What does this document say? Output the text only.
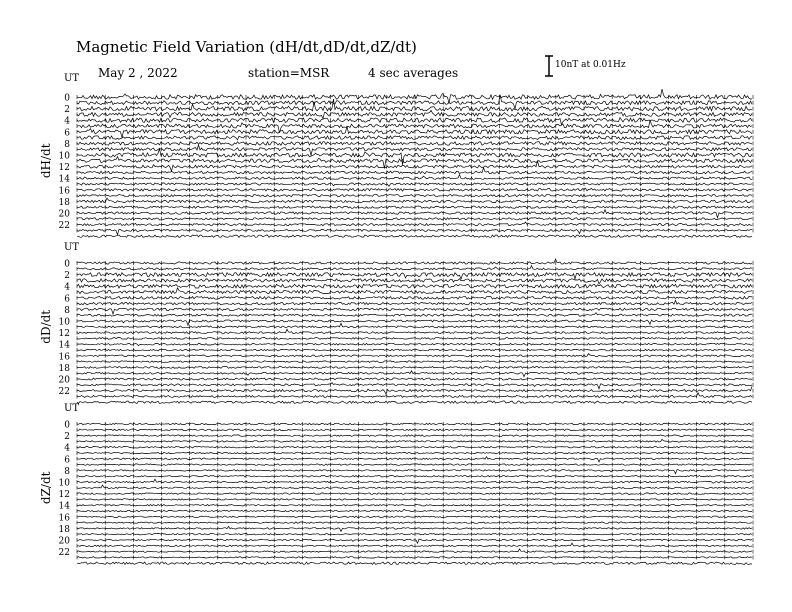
Magnetic Field Variation (dH/dt,dD/dt,dZ/dt)
May 2 , 2022	station=MSR	4 sec averages
10nT at 0.01Hz
UT
dH/dt
0
2
4
6
8
10
12
14
16
18
20
22
UT
dD/dt
0
2
4
6
8
10
12
14
16
18
20
22
UT
dZ/dt
0
2
4
6
8
10
12
14
16
18
20
22
